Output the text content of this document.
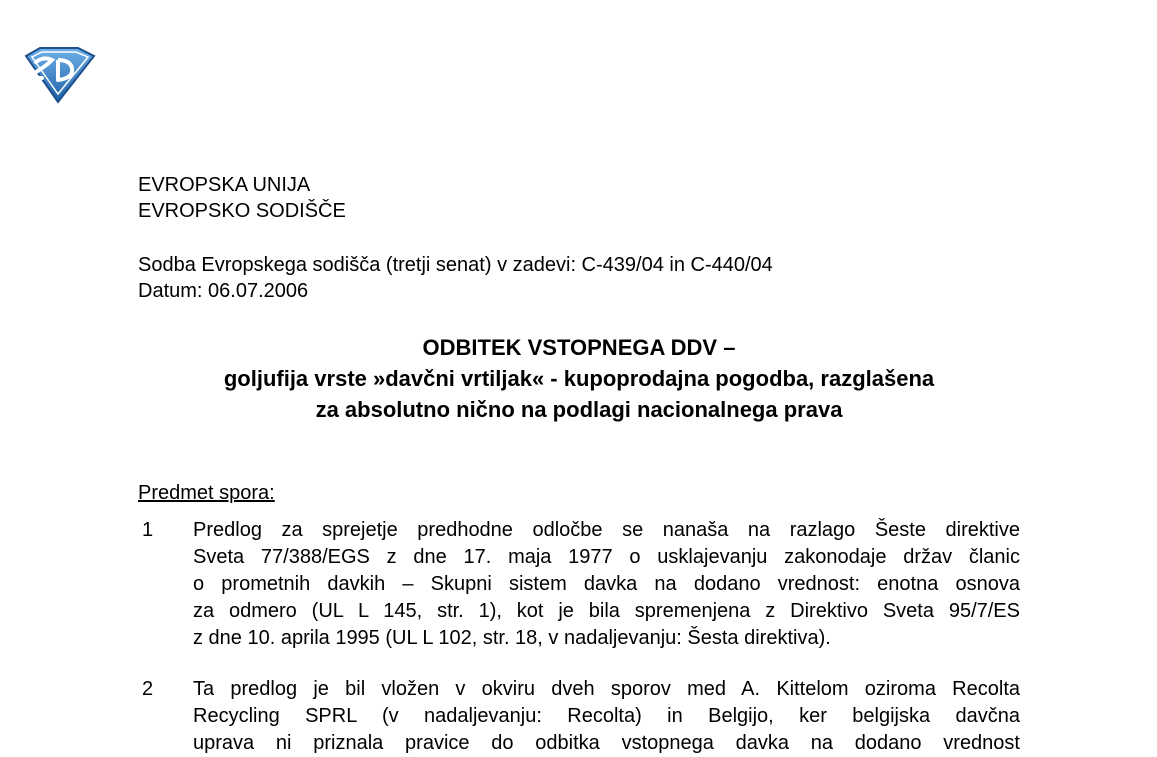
EVROPSKA UNIJA
EVROPSKO SODIŠČE
Sodba Evropskega sodišča (tretji senat) v zadevi: C-439/04 in C-440/04
Datum: 06.07.2006
ODBITEK VSTOPNEGA DDV –
goljufija vrste »davčni vrtiljak« - kupoprodajna pogodba, razglašena
za absolutno nično na podlagi nacionalnega prava
Predmet spora:
1 Predlog za sprejetje predhodne odločbe se nanaša na razlago Šeste direktive
Sveta 77/388/EGS z dne 17. maja 1977 o usklajevanju zakonodaje držav članic
o prometnih davkih – Skupni sistem davka na dodano vrednost: enotna osnova
za odmero (UL L 145, str. 1), kot je bila spremenjena z Direktivo Sveta 95/7/ES
z dne 10. aprila 1995 (UL L 102, str. 18, v nadaljevanju: Šesta direktiva).
2 Ta predlog je bil vložen v okviru dveh sporov med A. Kittelom oziroma Recolta
Recycling SPRL (v nadaljevanju: Recolta) in Belgijo, ker belgijska davčna
uprava ni priznala pravice do odbitka vstopnega davka na dodano vrednost
